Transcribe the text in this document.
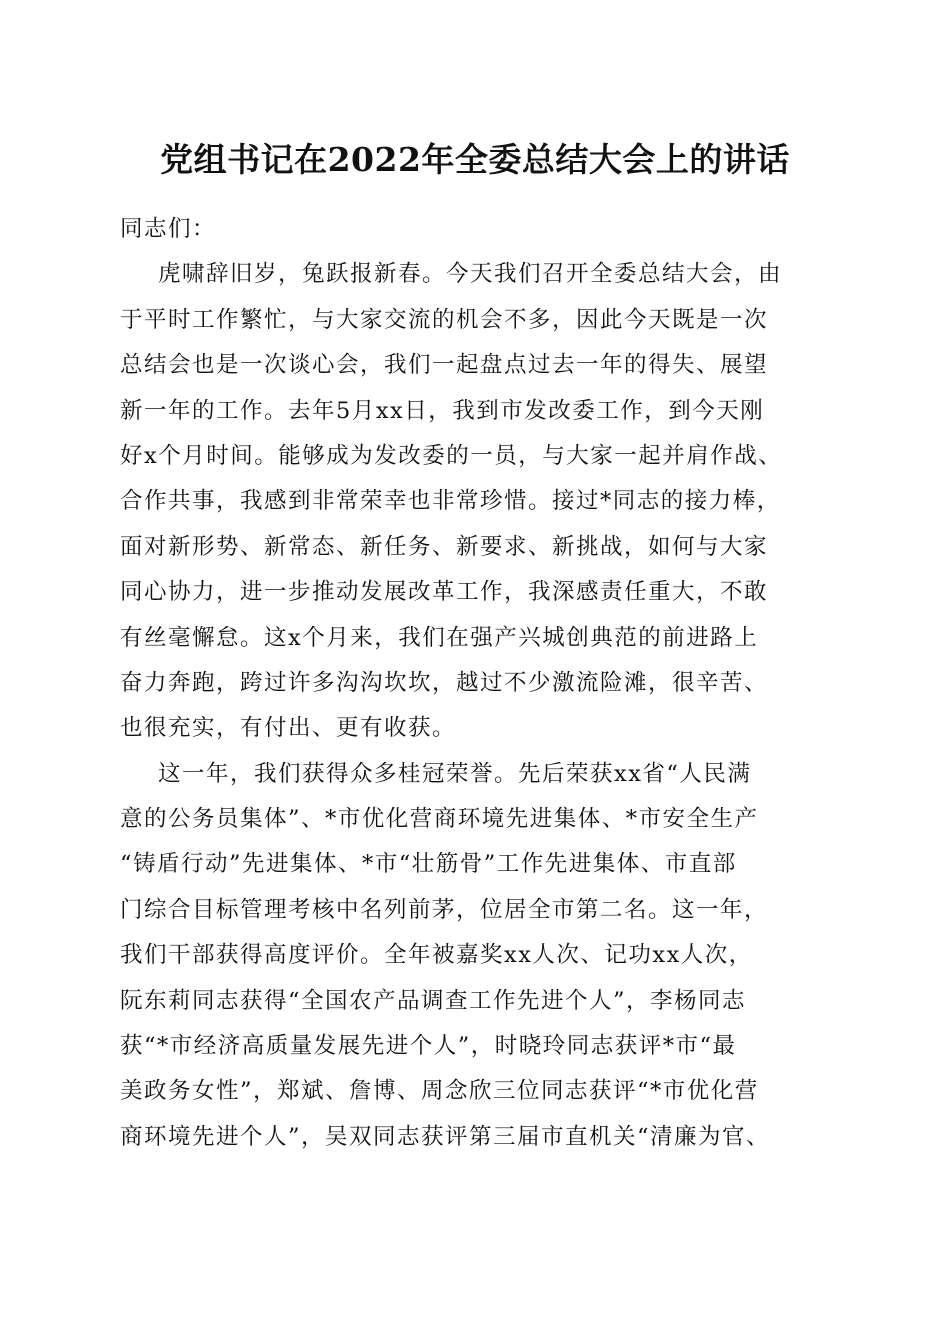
党组书记在2022年全委总结大会上的讲话
同志们：
虎啸辞旧岁，兔跃报新春。今天我们召开全委总结大会，由
于平时工作繁忙，与大家交流的机会不多，因此今天既是一次
总结会也是一次谈心会，我们一起盘点过去一年的得失、展望
新一年的工作。去年5月xx日，我到市发改委工作，到今天刚
好x个月时间。能够成为发改委的一员，与大家一起并肩作战、
合作共事，我感到非常荣幸也非常珍惜。接过*同志的接力棒，
面对新形势、新常态、新任务、新要求、新挑战，如何与大家
同心协力，进一步推动发展改革工作，我深感责任重大，不敢
有丝毫懈怠。这x个月来，我们在强产兴城创典范的前进路上
奋力奔跑，跨过许多沟沟坎坎，越过不少激流险滩，很辛苦、
也很充实，有付出、更有收获。
这一年，我们获得众多桂冠荣誉。先后荣获xx省“人民满
意的公务员集体”、*市优化营商环境先进集体、*市安全生产
“铸盾行动”先进集体、*市“壮筋骨”工作先进集体、市直部
门综合目标管理考核中名列前茅，位居全市第二名。这一年，
我们干部获得高度评价。全年被嘉奖xx人次、记功xx人次，
阮东莉同志获得“全国农产品调查工作先进个人”，李杨同志
获“*市经济高质量发展先进个人”，时晓玲同志获评*市“最
美政务女性”，郑斌、詹博、周念欣三位同志获评“*市优化营
商环境先进个人”，吴双同志获评第三届市直机关“清廉为官、
